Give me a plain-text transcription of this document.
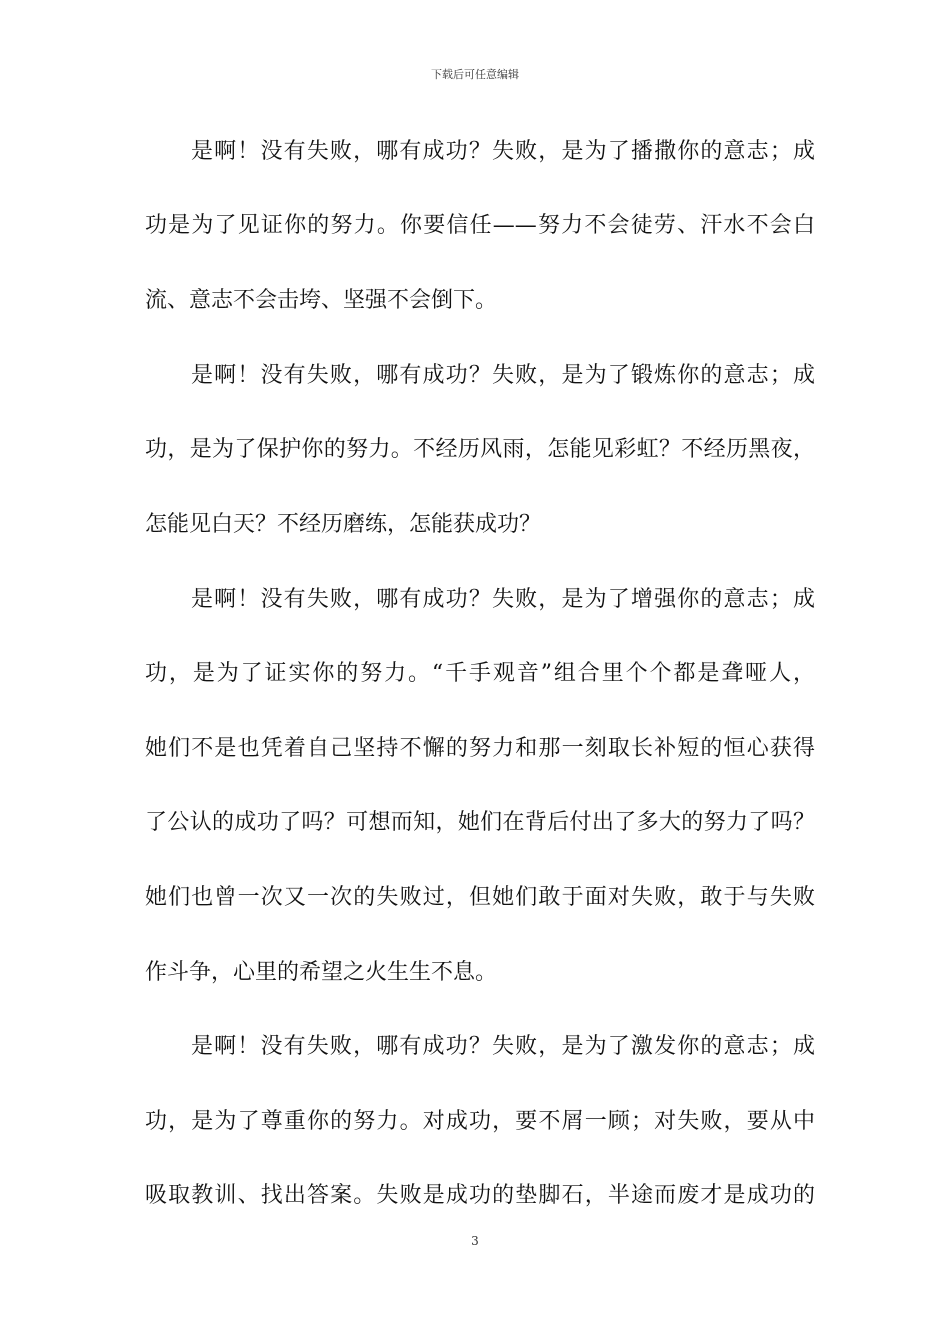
下载后可任意编辑
是啊！没有失败，哪有成功？失败，是为了播撒你的意志；成
功是为了见证你的努力。你要信任——努力不会徒劳、汗水不会白
流、意志不会击垮、坚强不会倒下。
是啊！没有失败，哪有成功？失败，是为了锻炼你的意志；成
功，是为了保护你的努力。不经历风雨，怎能见彩虹？不经历黑夜，
怎能见白天？不经历磨练，怎能获成功？
是啊！没有失败，哪有成功？失败，是为了增强你的意志；成
功，是为了证实你的努力。“千手观音”组合里个个都是聋哑人，
她们不是也凭着自己坚持不懈的努力和那一刻取长补短的恒心获得
了公认的成功了吗？可想而知，她们在背后付出了多大的努力了吗？
她们也曾一次又一次的失败过，但她们敢于面对失败，敢于与失败
作斗争，心里的希望之火生生不息。
是啊！没有失败，哪有成功？失败，是为了激发你的意志；成
功，是为了尊重你的努力。对成功，要不屑一顾；对失败，要从中
吸取教训、找出答案。失败是成功的垫脚石，半途而废才是成功的
3
